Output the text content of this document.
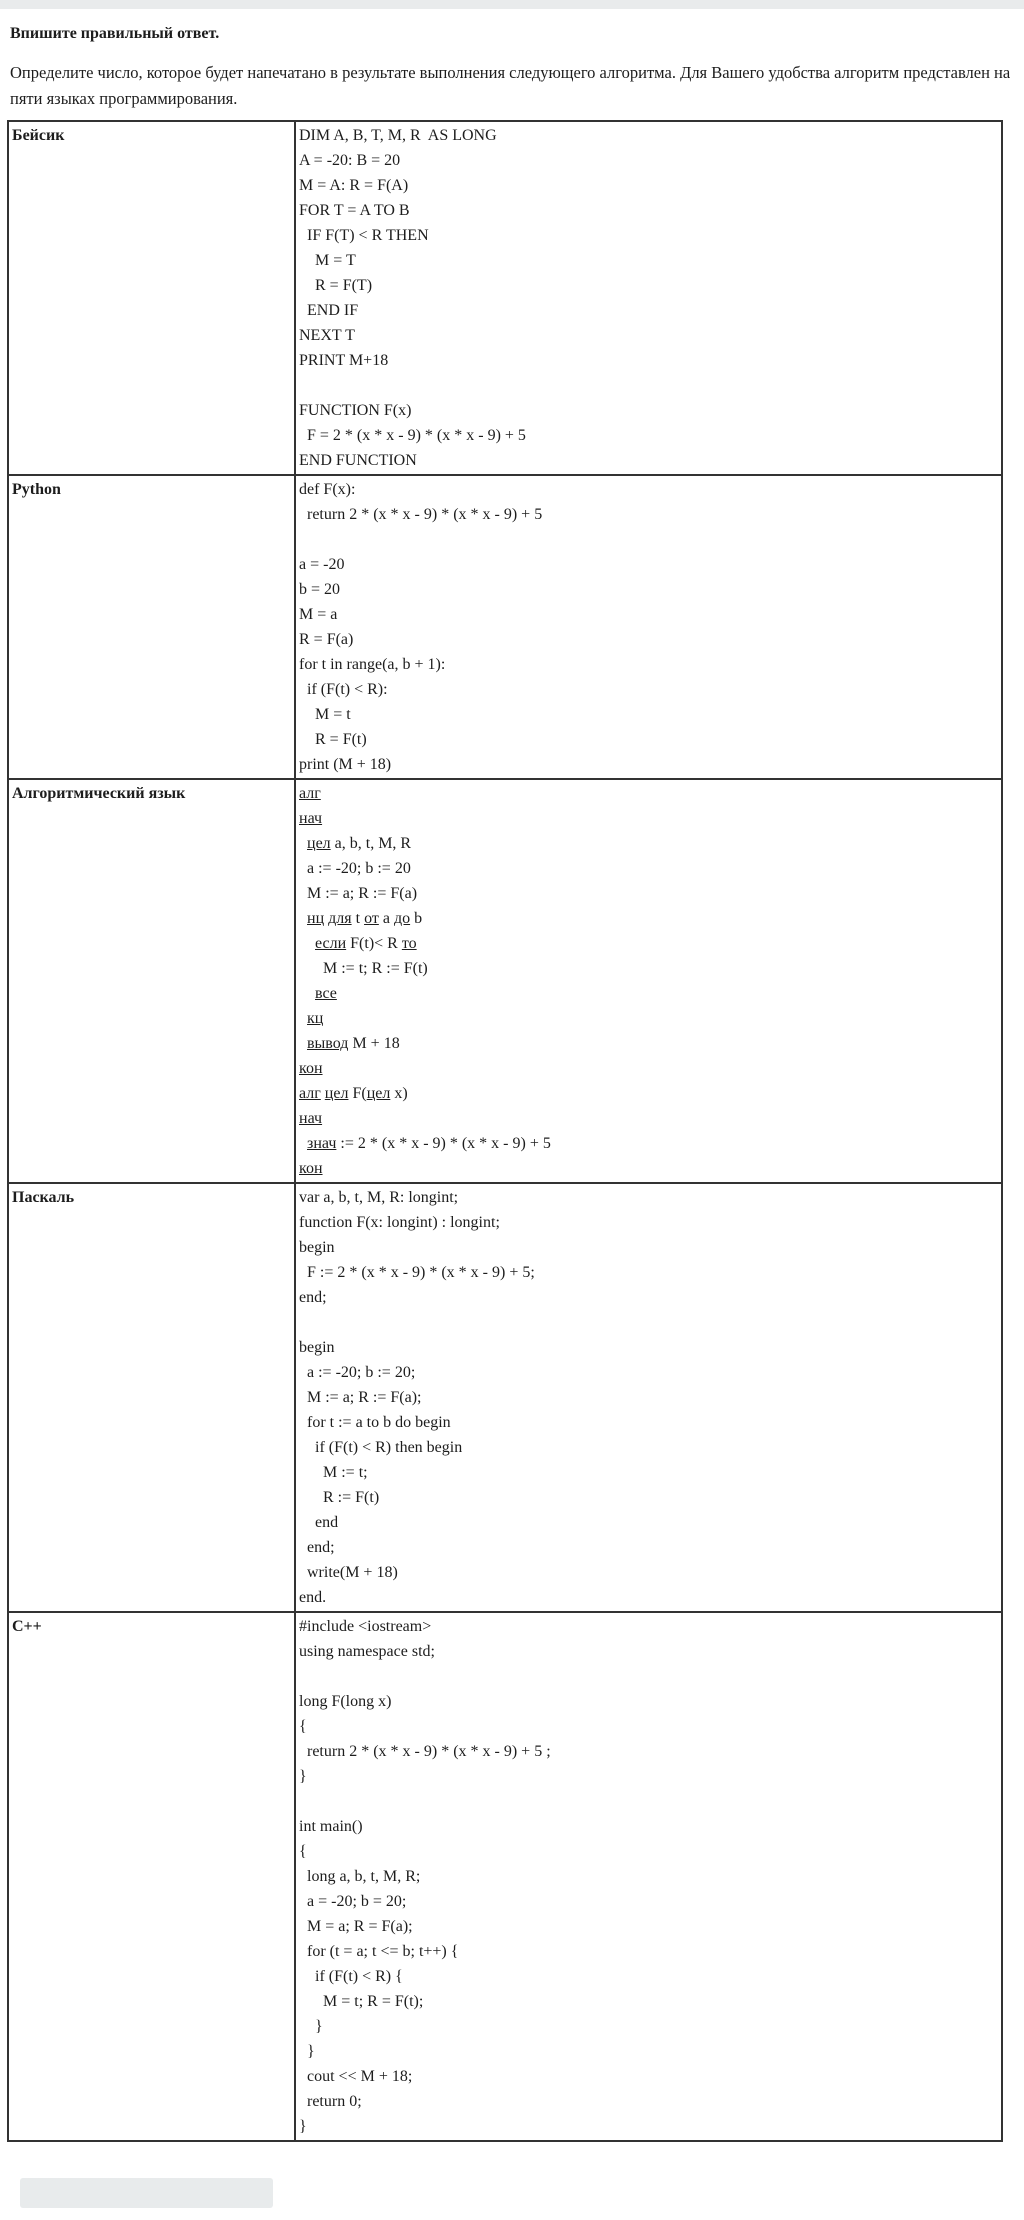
Впишите правильный ответ.

Определите число, которое будет напечатано в результате выполнения следующего алгоритма. Для Вашего удобства алгоритм представлен на пяти языках программирования.

Бейсик	DIM A, B, T, M, R  AS LONG
A = -20: B = 20
M = A: R = F(A)
FOR T = A TO B
IF F(T) < R THEN
M = T
R = F(T)
END IF
NEXT T
PRINT M+18

FUNCTION F(x)
F = 2 * (x * x - 9) * (x * x - 9) + 5
END FUNCTION

Python	def F(x):
return 2 * (x * x - 9) * (x * x - 9) + 5

a = -20
b = 20
M = a
R = F(a)
for t in range(a, b + 1):
if (F(t) < R):
M = t
R = F(t)
print (M + 18)

Алгоритмический язык	алг
нач
цел a, b, t, M, R
a := -20; b := 20
M := a; R := F(a)
нц для t от a до b
если F(t)< R то
M := t; R := F(t)
все
кц
вывод M + 18
кон
алг цел F(цел x)
нач
знач := 2 * (x * x - 9) * (x * x - 9) + 5
кон

Паскаль	var a, b, t, M, R: longint;
function F(x: longint) : longint;
begin
F := 2 * (x * x - 9) * (x * x - 9) + 5;
end;

begin
a := -20; b := 20;
M := a; R := F(a);
for t := a to b do begin
if (F(t) < R) then begin
M := t;
R := F(t)
end
end;
write(M + 18)
end.

C++	#include <iostream>
using namespace std;

long F(long x)
{
return 2 * (x * x - 9) * (x * x - 9) + 5 ;
}

int main()
{
long a, b, t, M, R;
a = -20; b = 20;
M = a; R = F(a);
for (t = a; t <= b; t++) {
if (F(t) < R) {
M = t; R = F(t);
}
}
cout << M + 18;
return 0;
}
